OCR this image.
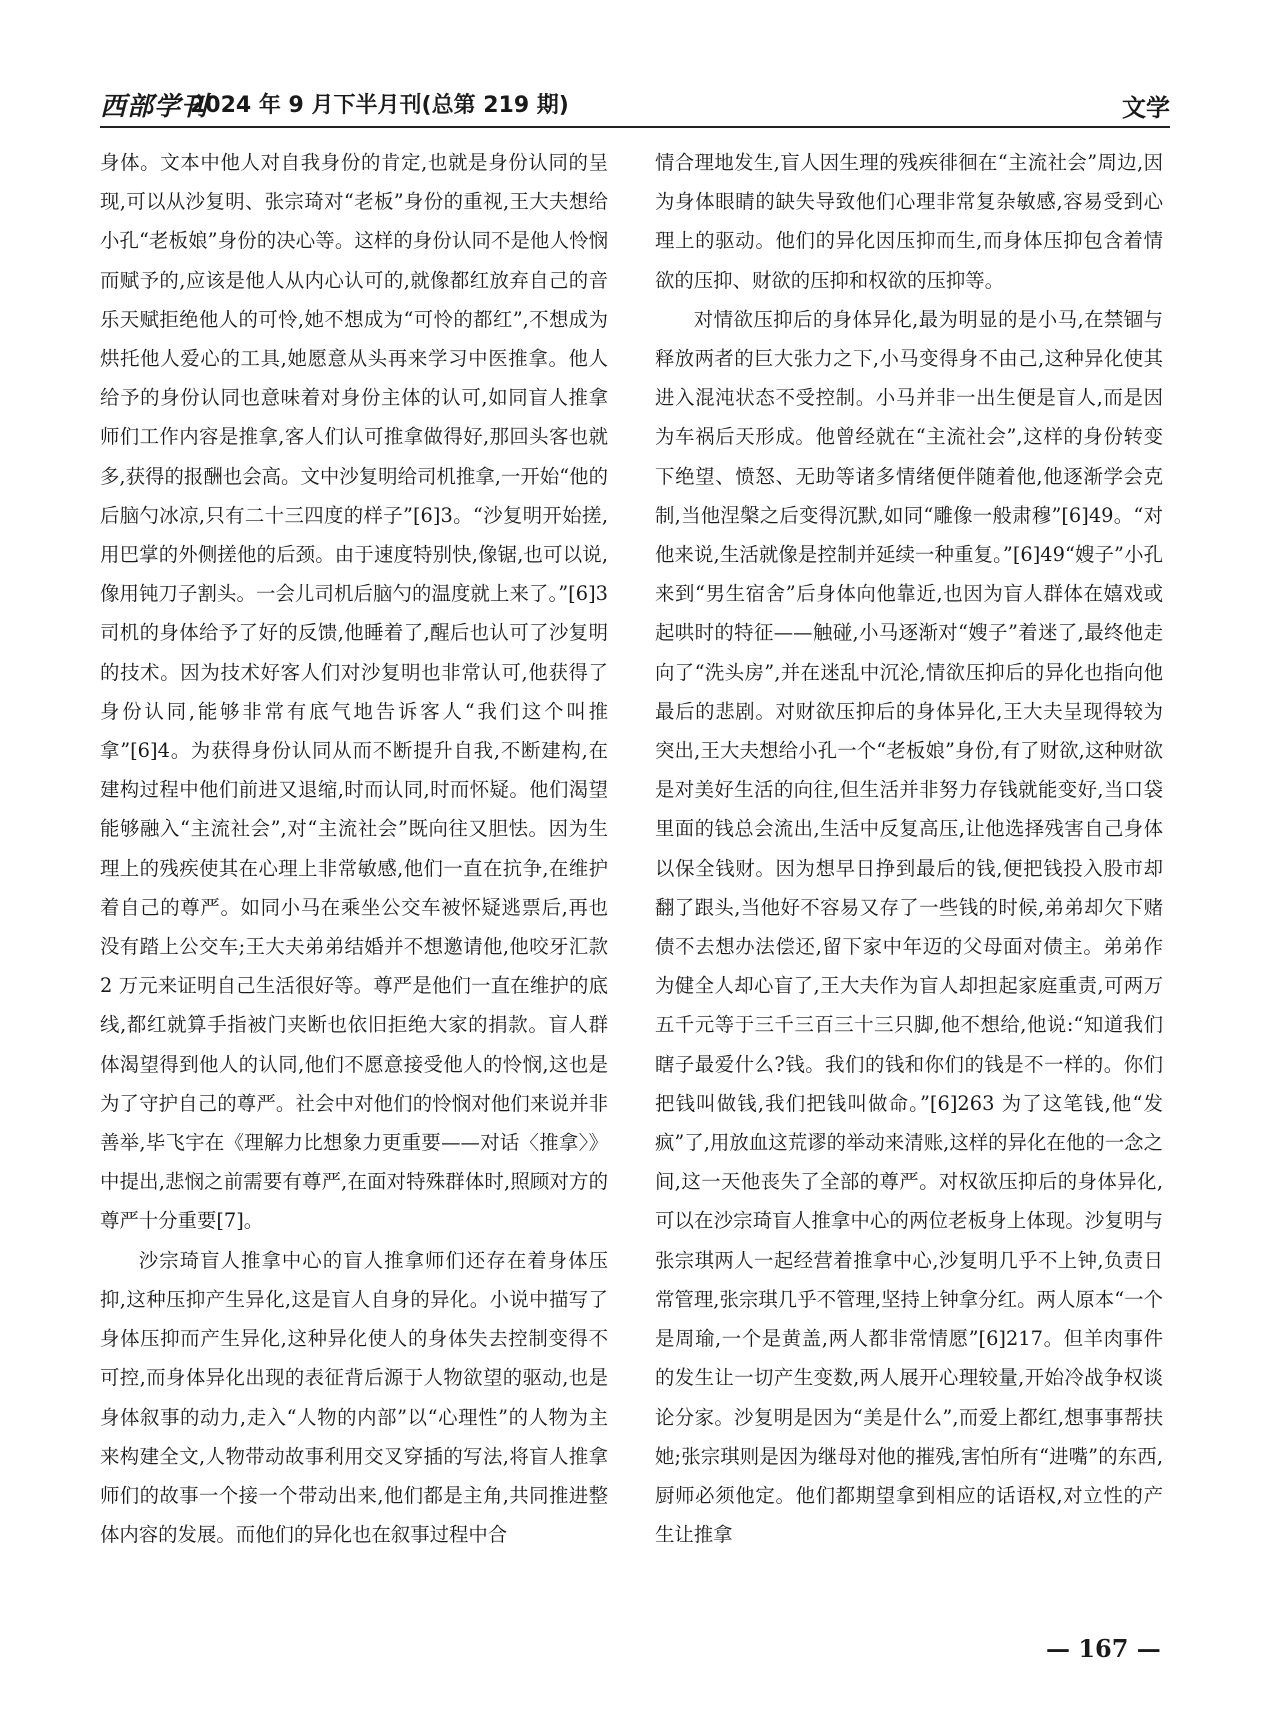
西部学刊
2024 年 9 月下半月刊(总第 219 期)	文学

身体。文本中他人对自我身份的肯定,也就是身份认同的呈现,可以从沙复明、张宗琦对“老板”身份的重视,王大夫想给小孔“老板娘”身份的决心等。这样的身份认同不是他人怜悯而赋予的,应该是他人从内心认可的,就像都红放弃自己的音乐天赋拒绝他人的可怜,她不想成为“可怜的都红”,不想成为烘托他人爱心的工具,她愿意从头再来学习中医推拿。他人给予的身份认同也意味着对身份主体的认可,如同盲人推拿师们工作内容是推拿,客人们认可推拿做得好,那回头客也就多,获得的报酬也会高。文中沙复明给司机推拿,一开始“他的后脑勺冰凉,只有二十三四度的样子”[6]3。“沙复明开始搓,用巴掌的外侧搓他的后颈。由于速度特别快,像锯,也可以说,像用钝刀子割头。一会儿司机后脑勺的温度就上来了。”[6]3 司机的身体给予了好的反馈,他睡着了,醒后也认可了沙复明的技术。因为技术好客人们对沙复明也非常认可,他获得了身份认同,能够非常有底气地告诉客人“我们这个叫推拿”[6]4。为获得身份认同从而不断提升自我,不断建构,在建构过程中他们前进又退缩,时而认同,时而怀疑。他们渴望能够融入“主流社会”,对“主流社会”既向往又胆怯。因为生理上的残疾使其在心理上非常敏感,他们一直在抗争,在维护着自己的尊严。如同小马在乘坐公交车被怀疑逃票后,再也没有踏上公交车;王大夫弟弟结婚并不想邀请他,他咬牙汇款 2 万元来证明自己生活很好等。尊严是他们一直在维护的底线,都红就算手指被门夹断也依旧拒绝大家的捐款。盲人群体渴望得到他人的认同,他们不愿意接受他人的怜悯,这也是为了守护自己的尊严。社会中对他们的怜悯对他们来说并非善举,毕飞宇在《理解力比想象力更重要——对话〈推拿〉》中提出,悲悯之前需要有尊严,在面对特殊群体时,照顾对方的尊严十分重要[7]。

沙宗琦盲人推拿中心的盲人推拿师们还存在着身体压抑,这种压抑产生异化,这是盲人自身的异化。小说中描写了身体压抑而产生异化,这种异化使人的身体失去控制变得不可控,而身体异化出现的表征背后源于人物欲望的驱动,也是身体叙事的动力,走入“人物的内部”以“心理性”的人物为主来构建全文,人物带动故事利用交叉穿插的写法,将盲人推拿师们的故事一个接一个带动出来,他们都是主角,共同推进整体内容的发展。而他们的异化也在叙事过程中合

情合理地发生,盲人因生理的残疾徘徊在“主流社会”周边,因为身体眼睛的缺失导致他们心理非常复杂敏感,容易受到心理上的驱动。他们的异化因压抑而生,而身体压抑包含着情欲的压抑、财欲的压抑和权欲的压抑等。

对情欲压抑后的身体异化,最为明显的是小马,在禁锢与释放两者的巨大张力之下,小马变得身不由己,这种异化使其进入混沌状态不受控制。小马并非一出生便是盲人,而是因为车祸后天形成。他曾经就在“主流社会”,这样的身份转变下绝望、愤怒、无助等诸多情绪便伴随着他,他逐渐学会克制,当他涅槃之后变得沉默,如同“雕像一般肃穆”[6]49。“对他来说,生活就像是控制并延续一种重复。”[6]49“嫂子”小孔来到“男生宿舍”后身体向他靠近,也因为盲人群体在嬉戏或起哄时的特征——触碰,小马逐渐对“嫂子”着迷了,最终他走向了“洗头房”,并在迷乱中沉沦,情欲压抑后的异化也指向他最后的悲剧。对财欲压抑后的身体异化,王大夫呈现得较为突出,王大夫想给小孔一个“老板娘”身份,有了财欲,这种财欲是对美好生活的向往,但生活并非努力存钱就能变好,当口袋里面的钱总会流出,生活中反复高压,让他选择残害自己身体以保全钱财。因为想早日挣到最后的钱,便把钱投入股市却翻了跟头,当他好不容易又存了一些钱的时候,弟弟却欠下赌债不去想办法偿还,留下家中年迈的父母面对债主。弟弟作为健全人却心盲了,王大夫作为盲人却担起家庭重责,可两万五千元等于三千三百三十三只脚,他不想给,他说:“知道我们瞎子最爱什么?钱。我们的钱和你们的钱是不一样的。你们把钱叫做钱,我们把钱叫做命。”[6]263 为了这笔钱,他“发疯”了,用放血这荒谬的举动来清账,这样的异化在他的一念之间,这一天他丧失了全部的尊严。对权欲压抑后的身体异化,可以在沙宗琦盲人推拿中心的两位老板身上体现。沙复明与张宗琪两人一起经营着推拿中心,沙复明几乎不上钟,负责日常管理,张宗琪几乎不管理,坚持上钟拿分红。两人原本“一个是周瑜,一个是黄盖,两人都非常情愿”[6]217。但羊肉事件的发生让一切产生变数,两人展开心理较量,开始冷战争权谈论分家。沙复明是因为“美是什么”,而爱上都红,想事事帮扶她;张宗琪则是因为继母对他的摧残,害怕所有“进嘴”的东西,厨师必须他定。他们都期望拿到相应的话语权,对立性的产生让推拿

— 167 —
